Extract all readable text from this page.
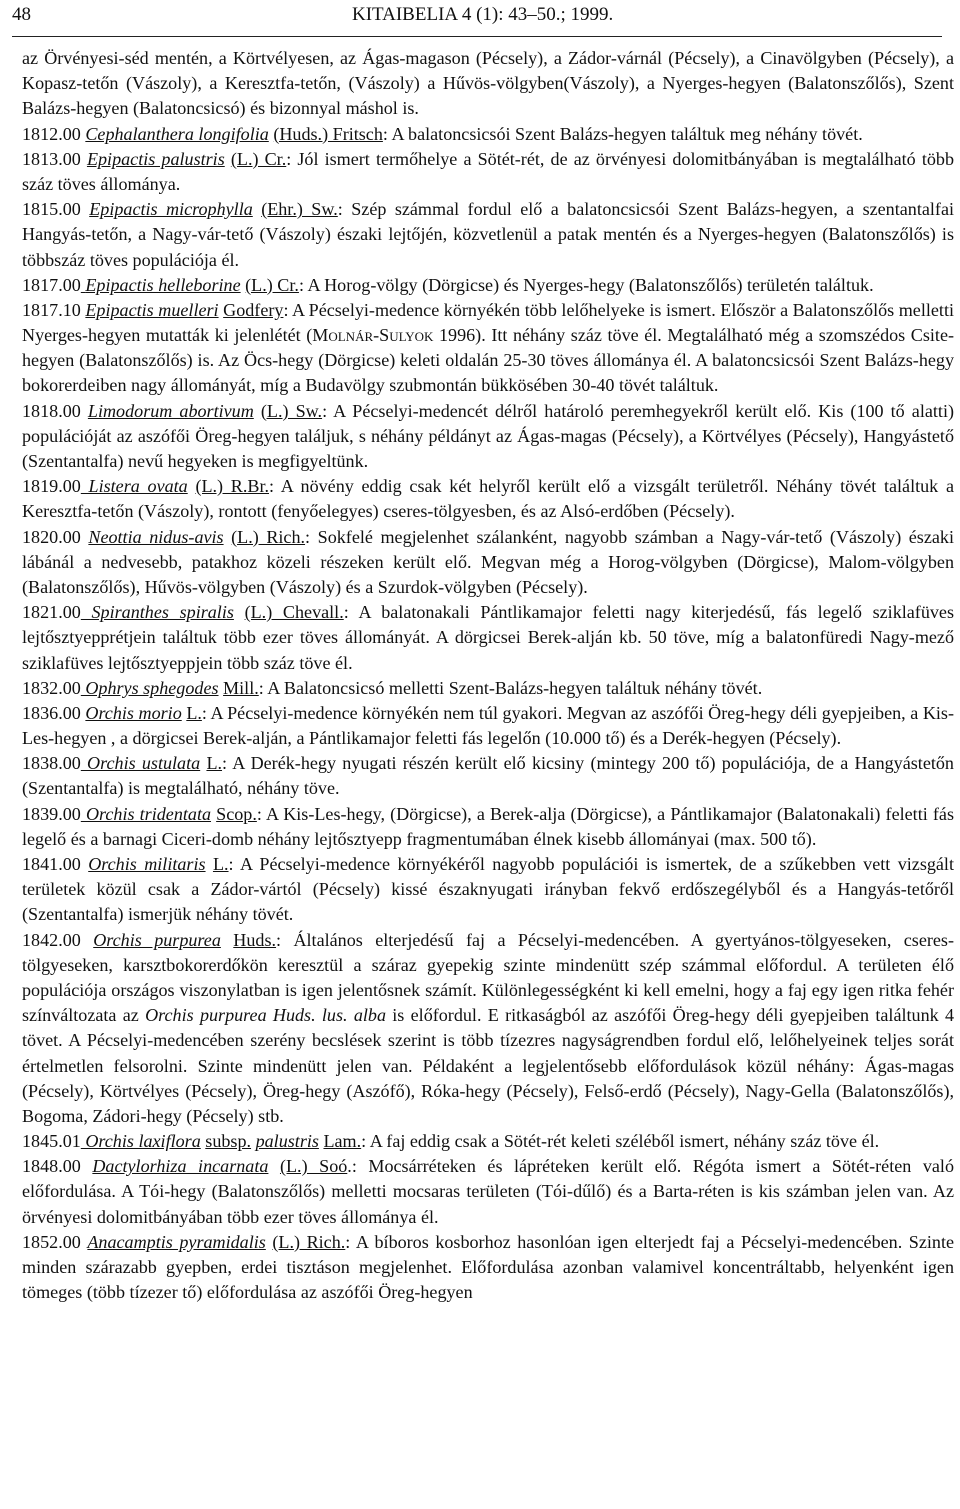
48	KITAIBELIA 4 (1): 43–50.; 1999.

az Örvényesi-séd mentén, a Körtvélyesen, az Ágas-magason (Pécsely), a Zádor-várnál (Pécsely), a Cinavölgyben (Pécsely), a Kopasz-tetőn (Vászoly), a Keresztfa-tetőn, (Vászoly) a Hűvös-völgyben(Vászoly), a Nyerges-hegyen (Balatonszőlős), Szent Balázs-hegyen (Balatoncsicsó) és bizonnyal máshol is.

1812.00 Cephalanthera longifolia (Huds.) Fritsch: A balatoncsicsói Szent Balázs-hegyen találtuk meg néhány tövét.

1813.00 Epipactis palustris (L.) Cr.: Jól ismert termőhelye a Sötét-rét, de az örvényesi dolomitbányában is megtalálható több száz töves állománya.

1815.00 Epipactis microphylla (Ehr.) Sw.: Szép számmal fordul elő a balatoncsicsói Szent Balázs-hegyen, a szentantalfai Hangyás-tetőn, a Nagy-vár-tető (Vászoly) északi lejtőjén, közvetlenül a patak mentén és a Nyerges-hegyen (Balatonszőlős) is többszáz töves populációja él.

1817.00 Epipactis helleborine (L.) Cr.: A Horog-völgy (Dörgicse) és Nyerges-hegy (Balatonszőlős) területén találtuk.

1817.10 Epipactis muelleri Godfery: A Pécselyi-medence környékén több lelőhelyeke is ismert. Először a Balatonszőlős melletti Nyerges-hegyen mutatták ki jelenlétét (Molnár-Sulyok 1996). Itt néhány száz töve él. Megtalálható még a szomszédos Csite-hegyen (Balatonszőlős) is. Az Öcs-hegy (Dörgicse) keleti oldalán 25-30 töves állománya él. A balatoncsicsói Szent Balázs-hegy bokorerdeiben nagy állományát, míg a Budavölgy szubmontán bükkösében 30-40 tövét találtuk.

1818.00 Limodorum abortivum (L.) Sw.: A Pécselyi-medencét délről határoló peremhegyekről került elő. Kis (100 tő alatti) populációját az aszófői Öreg-hegyen találjuk, s néhány példányt az Ágas-magas (Pécsely), a Körtvélyes (Pécsely), Hangyástető (Szentantalfa) nevű hegyeken is megfigyeltünk.

1819.00 Listera ovata (L.) R.Br.: A növény eddig csak két helyről került elő a vizsgált területről. Néhány tövét találtuk a Keresztfa-tetőn (Vászoly), rontott (fenyőelegyes) cseres-tölgyesben, és az Alsó-erdőben (Pécsely).

1820.00 Neottia nidus-avis (L.) Rich.: Sokfelé megjelenhet szálanként, nagyobb számban a Nagy-vár-tető (Vászoly) északi lábánál a nedvesebb, patakhoz közeli részeken került elő. Megvan még a Horog-völgyben (Dörgicse), Malom-völgyben (Balatonszőlős), Hűvös-völgyben (Vászoly) és a Szurdok-völgyben (Pécsely).

1821.00 Spiranthes spiralis (L.) Chevall.: A balatonakali Pántlikamajor feletti nagy kiterjedésű, fás legelő sziklafüves lejtősztyepprétjein találtuk több ezer töves állományát. A dörgicsei Berek-alján kb. 50 töve, míg a balatonfüredi Nagy-mező sziklafüves lejtősztyeppjein több száz töve él.

1832.00 Ophrys sphegodes Mill.: A Balatoncsicsó melletti Szent-Balázs-hegyen találtuk néhány tövét.

1836.00 Orchis morio L.: A Pécselyi-medence környékén nem túl gyakori. Megvan az aszófői Öreg-hegy déli gyepjeiben, a Kis-Les-hegyen , a dörgicsei Berek-alján, a Pántlikamajor feletti fás legelőn (10.000 tő) és a Derék-hegyen (Pécsely).

1838.00 Orchis ustulata L.: A Derék-hegy nyugati részén került elő kicsiny (mintegy 200 tő) populációja, de a Hangyástetőn (Szentantalfa) is megtalálható, néhány töve.

1839.00 Orchis tridentata Scop.: A Kis-Les-hegy, (Dörgicse), a Berek-alja (Dörgicse), a Pántlikamajor (Balatonakali) feletti fás legelő és a barnagi Ciceri-domb néhány lejtősztyepp fragmentumában élnek kisebb állományai (max. 500 tő).

1841.00 Orchis militaris L.: A Pécselyi-medence környékéről nagyobb populációi is ismertek, de a szűkebben vett vizsgált területek közül csak a Zádor-vártól (Pécsely) kissé északnyugati irányban fekvő erdőszegélyből és a Hangyás-tetőről (Szentantalfa) ismerjük néhány tövét.

1842.00 Orchis purpurea Huds.: Általános elterjedésű faj a Pécselyi-medencében. A gyertyános-tölgyeseken, cseres-tölgyeseken, karsztbokorerdőkön keresztül a száraz gyepekig szinte mindenütt szép számmal előfordul. A területen élő populációja országos viszonylatban is igen jelentősnek számít. Különlegességként ki kell emelni, hogy a faj egy igen ritka fehér színváltozata az Orchis purpurea Huds. lus. alba is előfordul. E ritkaságból az aszófői Öreg-hegy déli gyepjeiben találtunk 4 tövet. A Pécselyi-medencében szerény becslések szerint is több tízezres nagyságrendben fordul elő, lelőhelyeinek teljes sorát értelmetlen felsorolni. Szinte mindenütt jelen van. Példaként a legjelentősebb előfordulások közül néhány: Ágas-magas (Pécsely), Körtvélyes (Pécsely), Öreg-hegy (Aszófő), Róka-hegy (Pécsely), Felső-erdő (Pécsely), Nagy-Gella (Balatonszőlős), Bogoma, Zádori-hegy (Pécsely) stb.

1845.01 Orchis laxiflora subsp. palustris Lam.: A faj eddig csak a Sötét-rét keleti széléből ismert, néhány száz töve él.

1848.00 Dactylorhiza incarnata (L.) Soó.: Mocsárréteken és lápréteken került elő. Régóta ismert a Sötét-réten való előfordulása. A Tói-hegy (Balatonszőlős) melletti mocsaras területen (Tói-dűlő) és a Barta-réten is kis számban jelen van. Az örvényesi dolomitbányában több ezer töves állománya él.

1852.00 Anacamptis pyramidalis (L.) Rich.: A bíboros kosborhoz hasonlóan igen elterjedt faj a Pécselyi-medencében. Szinte minden szárazabb gyepben, erdei tisztáson megjelenhet. Előfordulása azonban valamivel koncentráltabb, helyenként igen tömeges (több tízezer tő) előfordulása az aszófői Öreg-hegyen
